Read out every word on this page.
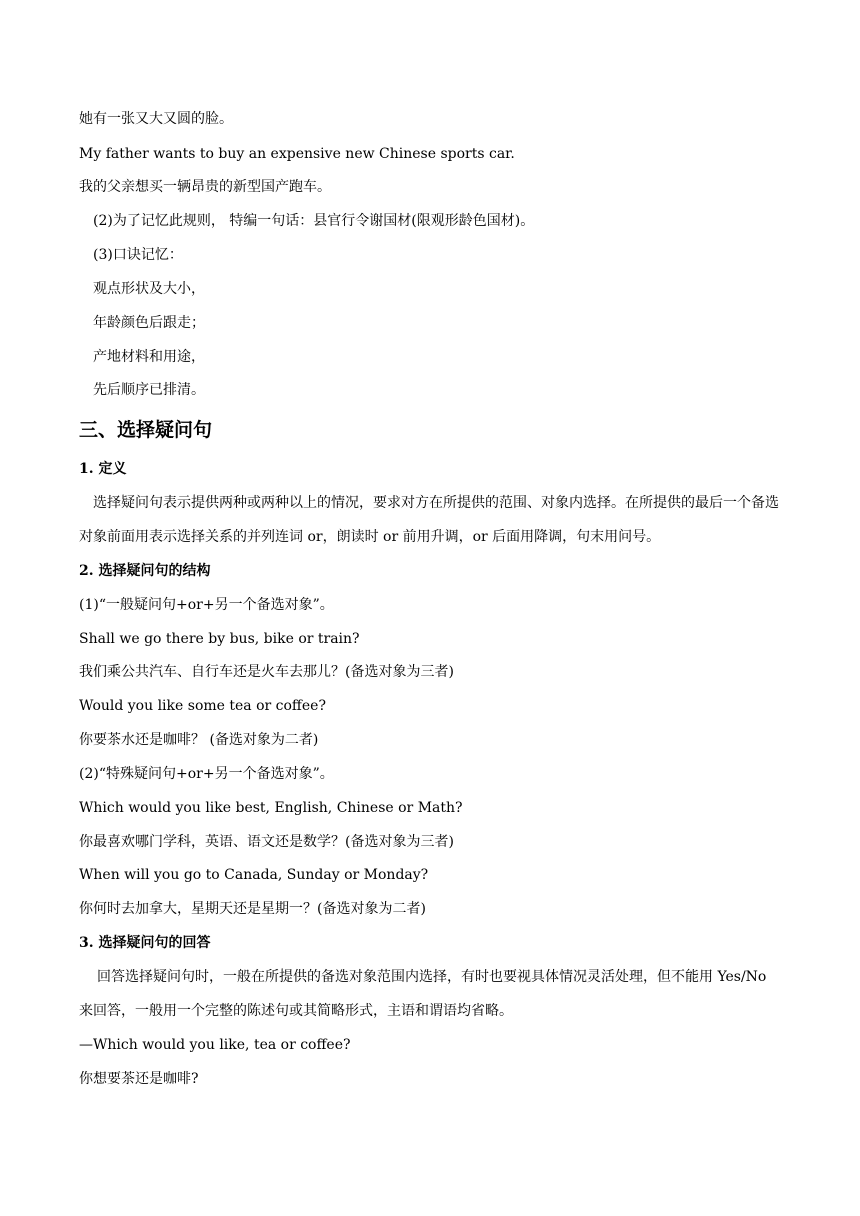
她有一张又大又圆的脸。
My father wants to buy an expensive new Chinese sports car.
我的父亲想买一辆昂贵的新型国产跑车。
(2)为了记忆此规则， 特编一句话：县官行令谢国材(限观形龄色国材)。
(3)口诀记忆：
观点形状及大小，
年龄颜色后跟走；
产地材料和用途，
先后顺序已排清。
三、选择疑问句
1. 定义
选择疑问句表示提供两种或两种以上的情况，要求对方在所提供的范围、对象内选择。在所提供的最后一个备选对象前面用表示选择关系的并列连词 or，朗读时 or 前用升调，or 后面用降调，句末用问号。
2. 选择疑问句的结构
(1)“一般疑问句+or+另一个备选对象”。
Shall we go there by bus, bike or train?
我们乘公共汽车、自行车还是火车去那儿？(备选对象为三者)
Would you like some tea or coffee?
你要茶水还是咖啡？ (备选对象为二者)
(2)“特殊疑问句+or+另一个备选对象”。
Which would you like best, English, Chinese or Math?
你最喜欢哪门学科，英语、语文还是数学？(备选对象为三者)
When will you go to Canada, Sunday or Monday?
你何时去加拿大，星期天还是星期一？(备选对象为二者)
3. 选择疑问句的回答
回答选择疑问句时，一般在所提供的备选对象范围内选择，有时也要视具体情况灵活处理，但不能用 Yes/No 来回答，一般用一个完整的陈述句或其简略形式，主语和谓语均省略。
—Which would you like, tea or coffee?
你想要茶还是咖啡?
